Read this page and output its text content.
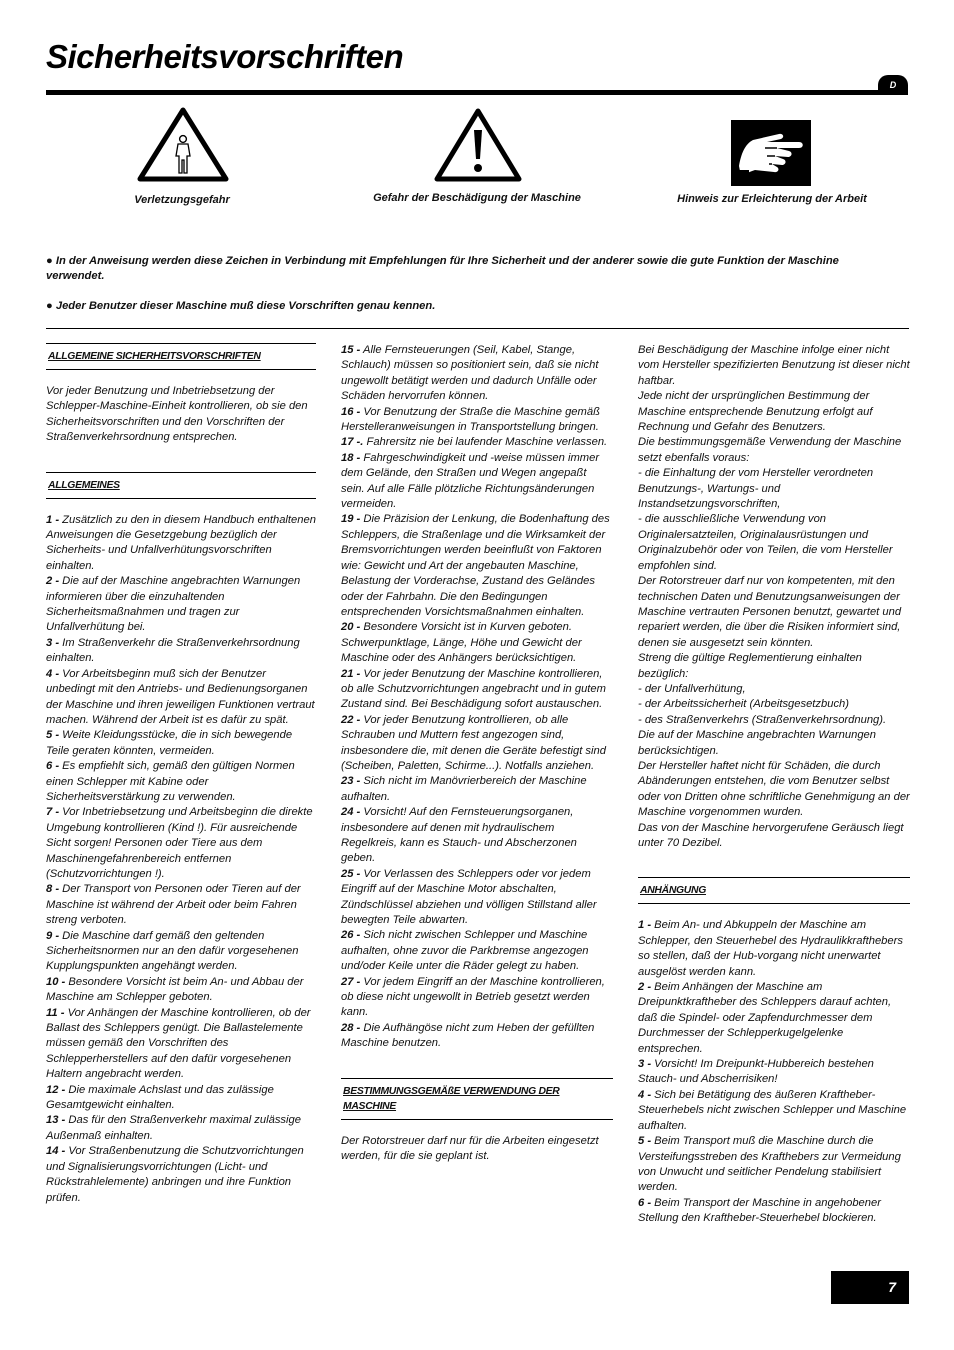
Sicherheitsvorschriften
D
Verletzungsgefahr	Gefahr der Beschädigung der Maschine	Hinweis zur Erleichterung der Arbeit
● In der Anweisung werden diese Zeichen in Verbindung mit Empfehlungen für Ihre Sicherheit und der anderer sowie die gute Funktion der Maschine verwendet.
● Jeder Benutzer dieser Maschine muß diese Vorschriften genau kennen.
ALLGEMEINE SICHERHEITSVORSCHRIFTEN
Vor jeder Benutzung und Inbetriebsetzung der Schlepper-Maschine-Einheit kontrollieren, ob sie den Sicherheitsvorschriften und den Vorschriften der Straßenverkehrsordnung entsprechen.
ALLGEMEINES
1 - Zusätzlich zu den in diesem Handbuch enthaltenen Anweisungen die Gesetzgebung bezüglich der Sicherheits- und Unfallverhütungsvorschriften einhalten.
2 - Die auf der Maschine angebrachten Warnungen informieren über die einzuhaltenden Sicherheitsmaßnahmen und tragen zur Unfallverhütung bei.
3 - Im Straßenverkehr die Straßenverkehrsordnung einhalten.
4 - Vor Arbeitsbeginn muß sich der Benutzer unbedingt mit den Antriebs- und Bedienungsorganen der Maschine und ihren jeweiligen Funktionen vertraut machen. Während der Arbeit ist es dafür zu spät.
5 - Weite Kleidungsstücke, die in sich bewegende Teile geraten könnten, vermeiden.
6 - Es empfiehlt sich, gemäß den gültigen Normen einen Schlepper mit Kabine oder Sicherheitsverstärkung zu verwenden.
7 - Vor Inbetriebsetzung und Arbeitsbeginn die direkte Umgebung kontrollieren (Kind !). Für ausreichende Sicht sorgen! Personen oder Tiere aus dem Maschinengefahrenbereich entfernen (Schutzvorrichtungen !).
8 - Der Transport von Personen oder Tieren auf der Maschine ist während der Arbeit oder beim Fahren streng verboten.
9 - Die Maschine darf gemäß den geltenden Sicherheitsnormen nur an den dafür vorgesehenen Kupplungspunkten angehängt werden.
10 - Besondere Vorsicht ist beim An- und Abbau der Maschine am Schlepper geboten.
11 - Vor Anhängen der Maschine kontrollieren, ob der Ballast des Schleppers genügt. Die Ballastelemente müssen gemäß den Vorschriften des Schlepperherstellers auf den dafür vorgesehenen Haltern angebracht werden.
12 - Die maximale Achslast und das zulässige Gesamtgewicht einhalten.
13 - Das für den Straßenverkehr maximal zulässige Außenmaß einhalten.
14 - Vor Straßenbenutzung die Schutzvorrichtungen und Signalisierungsvorrichtungen (Licht- und Rückstrahlelemente) anbringen und ihre Funktion prüfen.
15 - Alle Fernsteuerungen (Seil, Kabel, Stange, Schlauch) müssen so positioniert sein, daß sie nicht ungewollt betätigt werden und dadurch Unfälle oder Schäden hervorrufen können.
16 - Vor Benutzung der Straße die Maschine gemäß Herstelleranweisungen in Transportstellung bringen.
17 -. Fahrersitz nie bei laufender Maschine verlassen.
18 - Fahrgeschwindigkeit und -weise müssen immer dem Gelände, den Straßen und Wegen angepaßt sein. Auf alle Fälle plötzliche Richtungsänderungen vermeiden.
19 - Die Präzision der Lenkung, die Bodenhaftung des Schleppers, die Straßenlage und die Wirksamkeit der Bremsvorrichtungen werden beeinflußt von Faktoren wie: Gewicht und Art der angebauten Maschine, Belastung der Vorderachse, Zustand des Geländes oder der Fahrbahn. Die den Bedingungen entsprechenden Vorsichtsmaßnahmen einhalten.
20 - Besondere Vorsicht ist in Kurven geboten. Schwerpunktlage, Länge, Höhe und Gewicht der Maschine oder des Anhängers berücksichtigen.
21 - Vor jeder Benutzung der Maschine kontrollieren, ob alle Schutzvorrichtungen angebracht und in gutem Zustand sind. Bei Beschädigung sofort austauschen.
22 - Vor jeder Benutzung kontrollieren, ob alle Schrauben und Muttern fest angezogen sind, insbesondere die, mit denen die Geräte befestigt sind (Scheiben, Paletten, Schirme...). Notfalls anziehen.
23 - Sich nicht im Manövrierbereich der Maschine aufhalten.
24 - Vorsicht! Auf den Fernsteuerungsorganen, insbesondere auf denen mit hydraulischem Regelkreis, kann es Stauch- und Abscherzonen geben.
25 - Vor Verlassen des Schleppers oder vor jedem Eingriff auf der Maschine Motor abschalten, Zündschlüssel abziehen und völligen Stillstand aller bewegten Teile abwarten.
26 - Sich nicht zwischen Schlepper und Maschine aufhalten, ohne zuvor die Parkbremse angezogen und/oder Keile unter die Räder gelegt zu haben.
27 - Vor jedem Eingriff an der Maschine kontrollieren, ob diese nicht ungewollt in Betrieb gesetzt werden kann.
28 - Die Aufhängöse nicht zum Heben der gefüllten Maschine benutzen.
BESTIMMUNGSGEMÄßE VERWENDUNG DER MASCHINE
Der Rotorstreuer darf nur für die Arbeiten eingesetzt werden, für die sie geplant ist.
Bei Beschädigung der Maschine infolge einer nicht vom Hersteller spezifizierten Benutzung ist dieser nicht haftbar.
Jede nicht der ursprünglichen Bestimmung der Maschine entsprechende Benutzung erfolgt auf Rechnung und Gefahr des Benutzers.
Die bestimmungsgemäße Verwendung der Maschine setzt ebenfalls voraus:
- die Einhaltung der vom Hersteller verordneten Benutzungs-, Wartungs- und Instandsetzungsvorschriften,
- die ausschließliche Verwendung von Originalersatzteilen, Originalausrüstungen und Originalzubehör oder von Teilen, die vom Hersteller empfohlen sind.
Der Rotorstreuer darf nur von kompetenten, mit den technischen Daten und Benutzungsanweisungen der Maschine vertrauten Personen benutzt, gewartet und repariert werden, die über die Risiken informiert sind, denen sie ausgesetzt sein könnten.
Streng die gültige Reglementierung einhalten bezüglich:
- der Unfallverhütung,
- der Arbeitssicherheit (Arbeitsgesetzbuch)
- des Straßenverkehrs (Straßenverkehrsordnung).
Die auf der Maschine angebrachten Warnungen berücksichtigen.
Der Hersteller haftet nicht für Schäden, die durch Abänderungen entstehen, die vom Benutzer selbst oder von Dritten ohne schriftliche Genehmigung an der Maschine vorgenommen wurden.
Das von der Maschine hervorgerufene Geräusch liegt unter 70 Dezibel.
ANHÄNGUNG
1 - Beim An- und Abkuppeln der Maschine am Schlepper, den Steuerhebel des Hydraulikkrafthebers so stellen, daß der Hub-vorgang nicht unerwartet ausgelöst werden kann.
2 - Beim Anhängen der Maschine am Dreipunktkraftheber des Schleppers darauf achten, daß die Spindel- oder Zapfendurchmesser dem Durchmesser der Schlepperkugelgelenke entsprechen.
3 - Vorsicht! Im Dreipunkt-Hubbereich bestehen Stauch- und Abscherrisiken!
4 - Sich bei Betätigung des äußeren Kraftheber-Steuerhebels nicht zwischen Schlepper und Maschine aufhalten.
5 - Beim Transport muß die Maschine durch die Versteifungsstreben des Krafthebers zur Vermeidung von Unwucht und seitlicher Pendelung stabilisiert werden.
6 - Beim Transport der Maschine in angehobener Stellung den Kraftheber-Steuerhebel blockieren.
7
